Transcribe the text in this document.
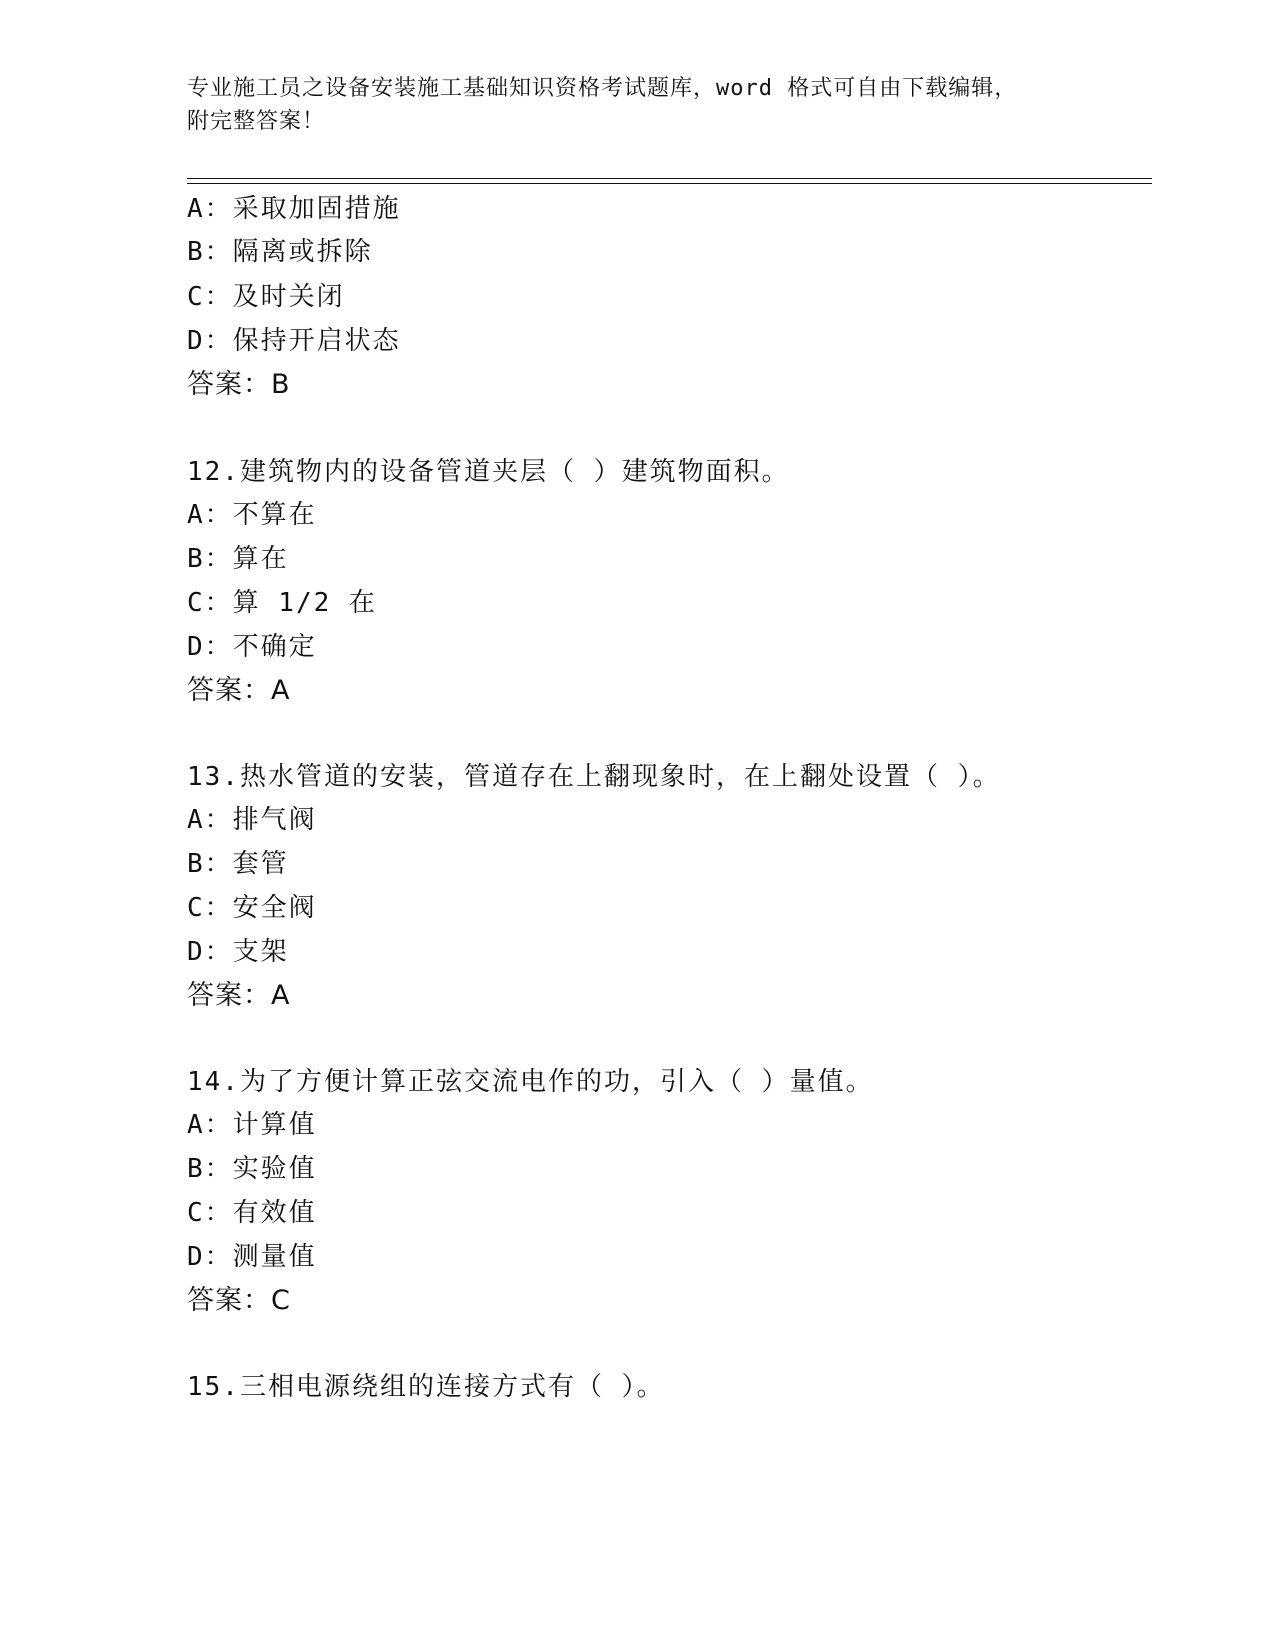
专业施工员之设备安装施工基础知识资格考试题库，word 格式可自由下载编辑，
附完整答案！
A：采取加固措施
B：隔离或拆除
C：及时关闭
D：保持开启状态
答案：B
12.建筑物内的设备管道夹层（ ）建筑物面积。
A：不算在
B：算在
C：算 1/2 在
D：不确定
答案：A
13.热水管道的安装，管道存在上翻现象时，在上翻处设置（ ）。
A：排气阀
B：套管
C：安全阀
D：支架
答案：A
14.为了方便计算正弦交流电作的功，引入（ ）量值。
A：计算值
B：实验值
C：有效值
D：测量值
答案：C
15.三相电源绕组的连接方式有（ ）。
